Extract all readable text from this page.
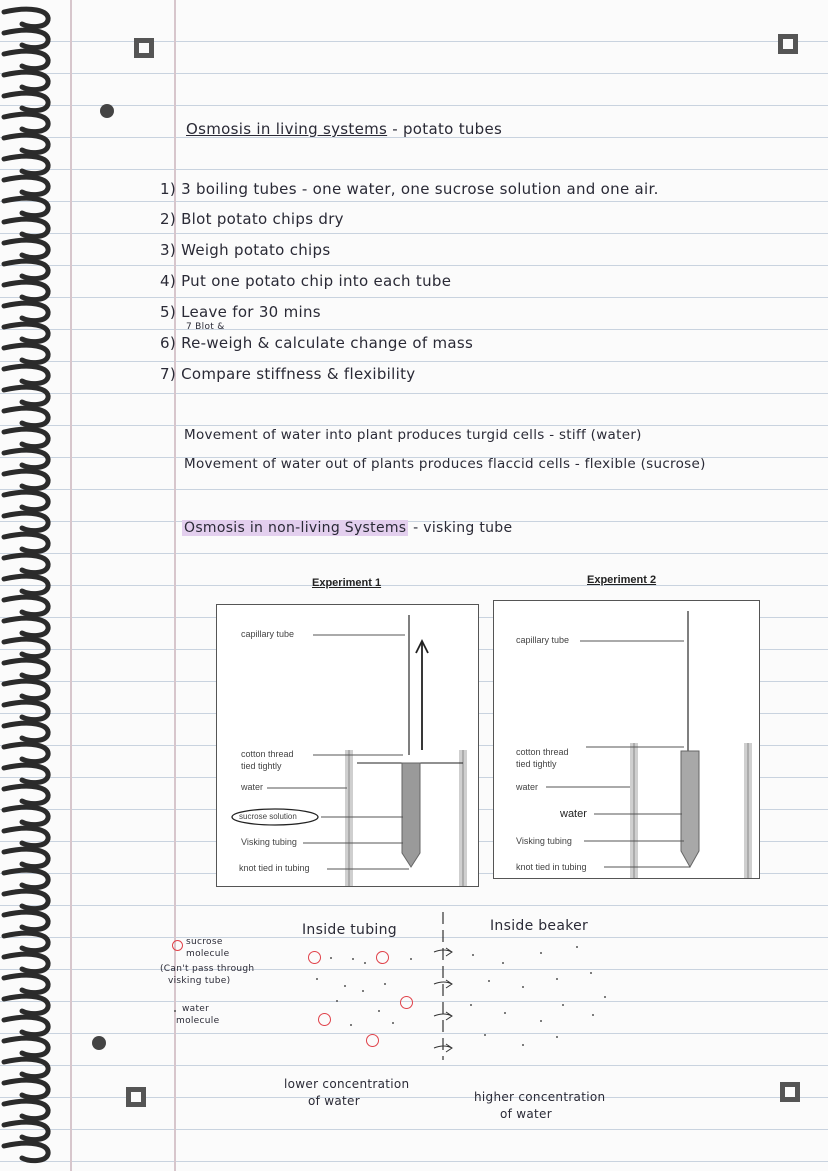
Osmosis in living systems - potato tubes
1) 3 boiling tubes - one water, one sucrose solution and one air.
2) Blot potato chips dry
3) Weigh potato chips
4) Put one potato chip into each tube
5) Leave for 30 mins
7 Blot &
6) Re-weigh & calculate change of mass
7) Compare stiffness & flexibility
Movement of water into plant produces turgid cells - stiff (water)
Movement of water out of plants produces flaccid cells - flexible (sucrose)
Osmosis in non-living Systems - visking tube
Experiment 1
capillary tube
cotton thread
tied tightly
water
sucrose solution
Visking tubing
knot tied in tubing
Experiment 2
capillary tube
cotton thread
tied tightly
water
water
Visking tubing
knot tied in tubing
Inside tubing	Inside beaker
sucrose
molecule
(Can't pass through
visking tube)
water
molecule
lower concentration
of water	higher concentration
of water
